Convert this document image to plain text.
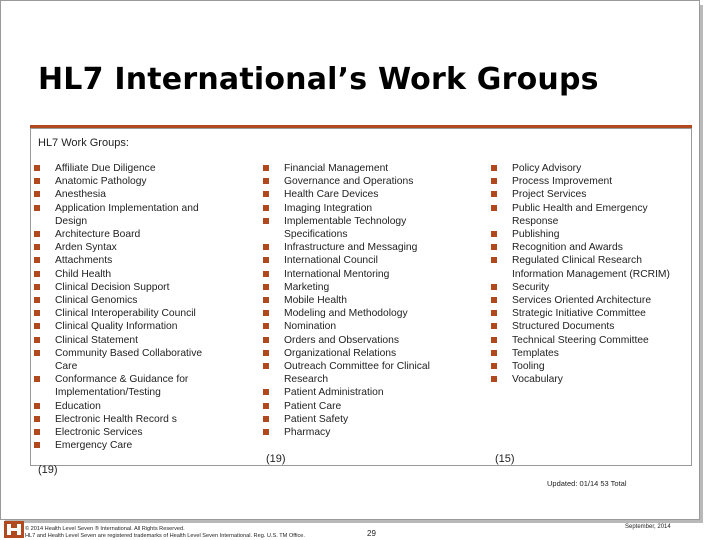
HL7 International’s Work Groups
HL7 Work Groups:
Affiliate Due Diligence
Anatomic Pathology
Anesthesia
Application Implementation and Design
Architecture Board
Arden Syntax
Attachments
Child Health
Clinical Decision Support
Clinical Genomics
Clinical Interoperability Council
Clinical Quality Information
Clinical Statement
Community Based Collaborative Care
Conformance & Guidance for Implementation/Testing
Education
Electronic Health Record s
Electronic Services
Emergency Care
Financial Management
Governance and Operations
Health Care Devices
Imaging Integration
Implementable Technology Specifications
Infrastructure and Messaging
International Council
International Mentoring
Marketing
Mobile Health
Modeling and Methodology
Nomination
Orders and Observations
Organizational Relations
Outreach Committee for Clinical Research
Patient Administration
Patient Care
Patient Safety
Pharmacy
Policy Advisory
Process Improvement
Project Services
Public Health and Emergency Response
Publishing
Recognition and Awards
Regulated Clinical Research Information Management (RCRIM)
Security
Services Oriented Architecture
Strategic Initiative Committee
Structured Documents
Technical Steering Committee
Templates
Tooling
Vocabulary
(19)
(19)	(15)
Updated: 01/14 53 Total
© 2014 Health Level Seven ® International. All Rights Reserved.
HL7 and Health Level Seven are registered trademarks of Health Level Seven International. Reg. U.S. TM Office.	29
September, 2014
